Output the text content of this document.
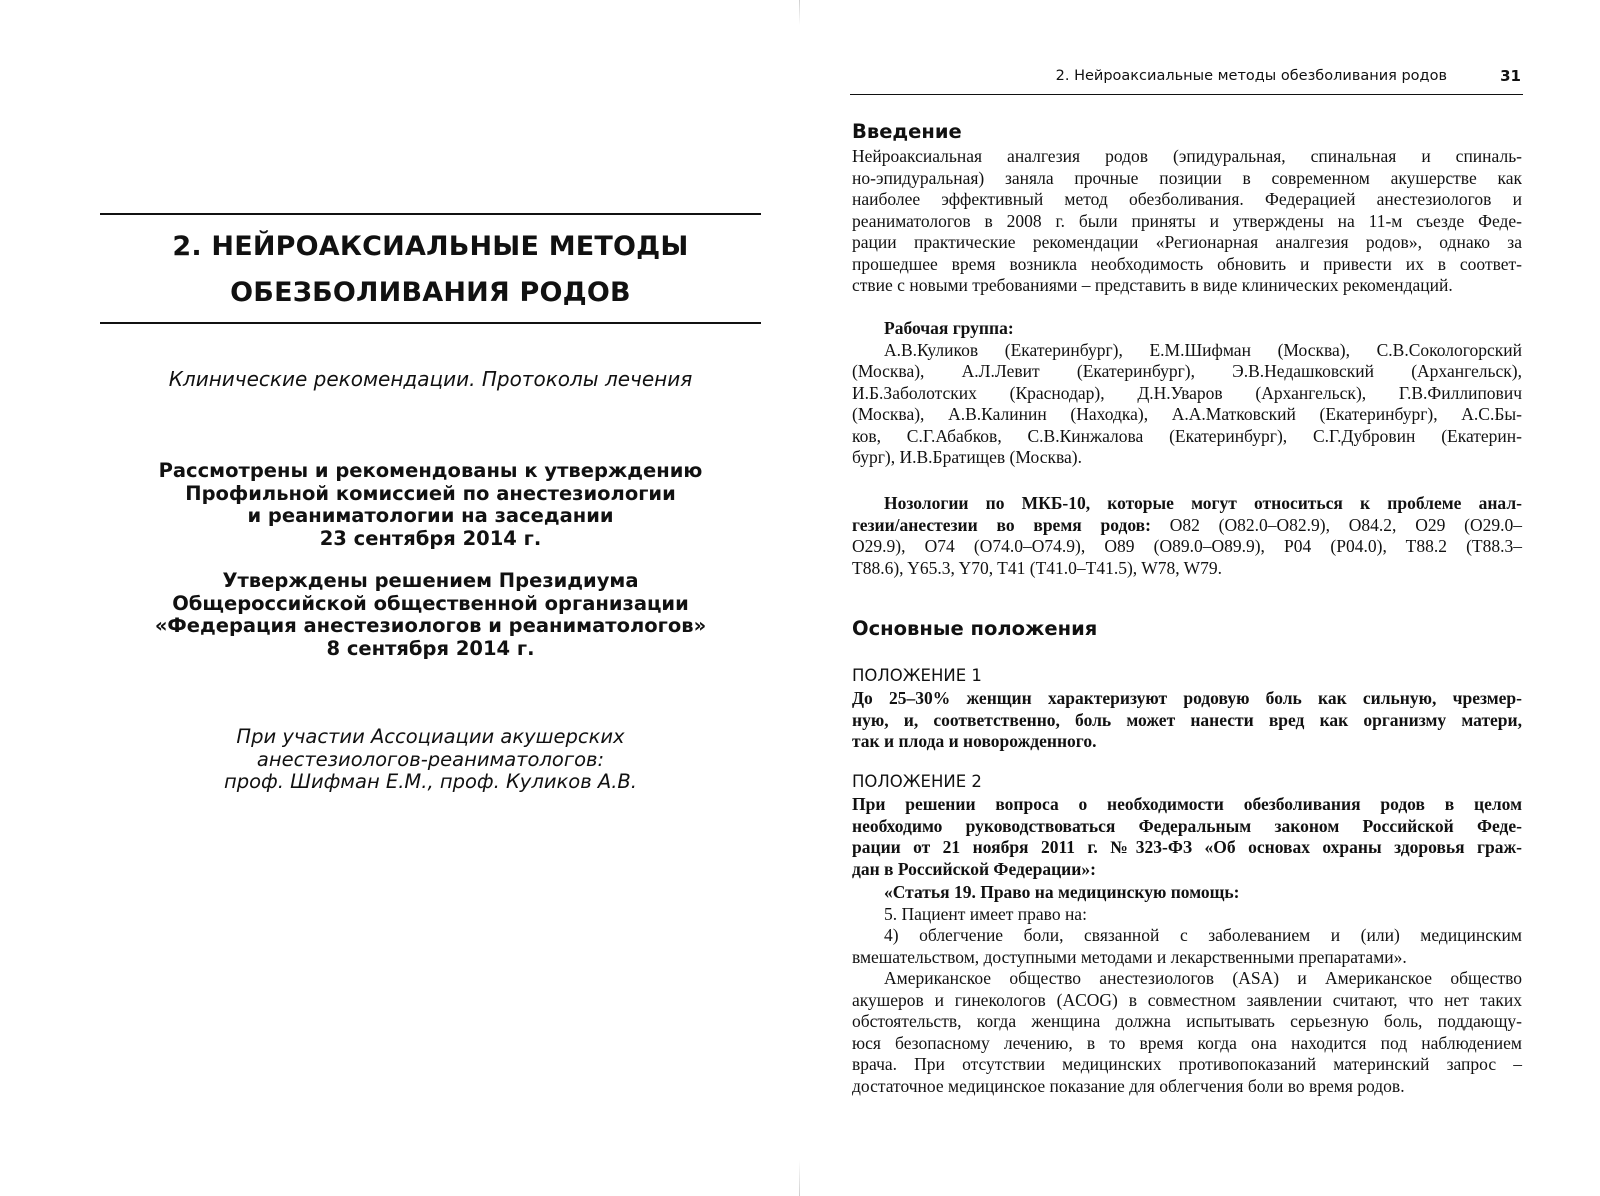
2. НЕЙРОАКСИАЛЬНЫЕ МЕТОДЫ
ОБЕЗБОЛИВАНИЯ РОДОВ
Клинические рекомендации. Протоколы лечения
Рассмотрены и рекомендованы к утверждению
Профильной комиссией по анестезиологии
и реаниматологии на заседании
23 сентября 2014 г.
Утверждены решением Президиума
Общероссийской общественной организации
«Федерация анестезиологов и реаниматологов»
8 сентября 2014 г.
При участии Ассоциации акушерских
анестезиологов-реаниматологов:
проф. Шифман Е.М., проф. Куликов А.В.
2. Нейроаксиальные методы обезболивания родов	31
Введение
Нейроаксиальная аналгезия родов (эпидуральная, спинальная и спиналь-
но-эпидуральная) заняла прочные позиции в современном акушерстве как
наиболее эффективный метод обезболивания. Федерацией анестезиологов и
реаниматологов в 2008 г. были приняты и утверждены на 11-м съезде Феде-
рации практические рекомендации «Регионарная аналгезия родов», однако за
прошедшее время возникла необходимость обновить и привести их в соответ-
ствие с новыми требованиями – представить в виде клинических рекомендаций.
Рабочая группа:
А.В.Куликов (Екатеринбург), Е.М.Шифман (Москва), С.В.Сокологорский
(Москва), А.Л.Левит (Екатеринбург), Э.В.Недашковский (Архангельск),
И.Б.Заболотских (Краснодар), Д.Н.Уваров (Архангельск), Г.В.Филлипович
(Москва), А.В.Калинин (Находка), А.А.Матковский (Екатеринбург), А.С.Бы-
ков, С.Г.Абабков, С.В.Кинжалова (Екатеринбург), С.Г.Дубровин (Екатерин-
бург), И.В.Братищев (Москва).
Нозологии по МКБ-10, которые могут относиться к проблеме анал-
гезии/анестезии во время родов: O82 (O82.0–O82.9), O84.2, O29 (O29.0–
O29.9), O74 (O74.0–O74.9), O89 (O89.0–O89.9), P04 (P04.0), T88.2 (T88.3–
T88.6), Y65.3, Y70, T41 (T41.0–T41.5), W78, W79.
Основные положения
ПОЛОЖЕНИЕ 1
До 25–30% женщин характеризуют родовую боль как сильную, чрезмер-
ную, и, соответственно, боль может нанести вред как организму матери,
так и плода и новорожденного.
ПОЛОЖЕНИЕ 2
При решении вопроса о необходимости обезболивания родов в целом
необходимо руководствоваться Федеральным законом Российской Феде-
рации от 21 ноября 2011 г. №323-ФЗ «Об основах охраны здоровья граж-
дан в Российской Федерации»:
«Статья 19. Право на медицинскую помощь:
5. Пациент имеет право на:
4) облегчение боли, связанной с заболеванием и (или) медицинским
вмешательством, доступными методами и лекарственными препаратами».
Американское общество анестезиологов (ASA) и Американское общество
акушеров и гинекологов (ACOG) в совместном заявлении считают, что нет таких
обстоятельств, когда женщина должна испытывать серьезную боль, поддающу-
юся безопасному лечению, в то время когда она находится под наблюдением
врача. При отсутствии медицинских противопоказаний материнский запрос –
достаточное медицинское показание для облегчения боли во время родов.
